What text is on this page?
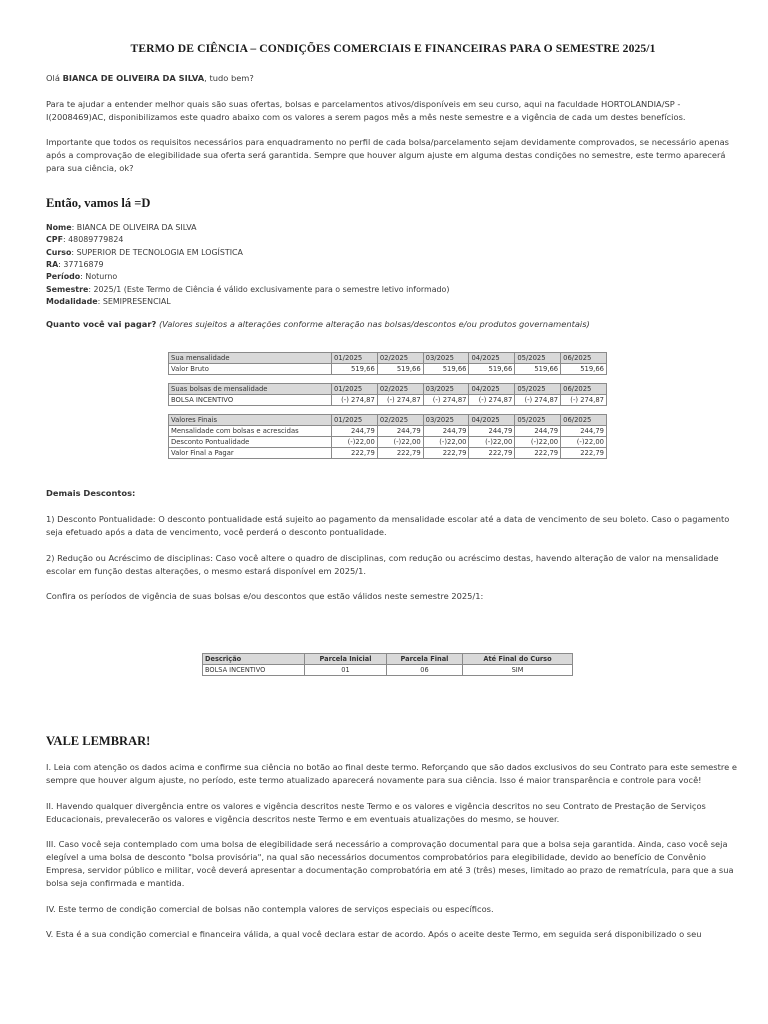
TERMO DE CIÊNCIA – CONDIÇÕES COMERCIAIS E FINANCEIRAS PARA O SEMESTRE 2025/1

Olá BIANCA DE OLIVEIRA DA SILVA, tudo bem?

Para te ajudar a entender melhor quais são suas ofertas, bolsas e parcelamentos ativos/disponíveis em seu curso, aqui na faculdade HORTOLANDIA/SP - I(2008469)AC, disponibilizamos este quadro abaixo com os valores a serem pagos mês a mês neste semestre e a vigência de cada um destes benefícios.

Importante que todos os requisitos necessários para enquadramento no perfil de cada bolsa/parcelamento sejam devidamente comprovados, se necessário apenas após a comprovação de elegibilidade sua oferta será garantida. Sempre que houver algum ajuste em alguma destas condições no semestre, este termo aparecerá para sua ciência, ok?

Então, vamos lá =D

Nome: BIANCA DE OLIVEIRA DA SILVA

CPF: 48089779824

Curso: SUPERIOR DE TECNOLOGIA EM LOGÍSTICA

RA: 37716879

Período: Noturno

Semestre: 2025/1 (Este Termo de Ciência é válido exclusivamente para o semestre letivo informado)

Modalidade: SEMIPRESENCIAL

Quanto você vai pagar? (Valores sujeitos a alterações conforme alteração nas bolsas/descontos e/ou produtos governamentais)

Sua mensalidade	01/2025	02/2025	03/2025	04/2025	05/2025	06/2025
Valor Bruto	519,66	519,66	519,66	519,66	519,66	519,66

Suas bolsas de mensalidade	01/2025	02/2025	03/2025	04/2025	05/2025	06/2025
BOLSA INCENTIVO	(-) 274,87	(-) 274,87	(-) 274,87	(-) 274,87	(-) 274,87	(-) 274,87

Valores Finais	01/2025	02/2025	03/2025	04/2025	05/2025	06/2025
Mensalidade com bolsas e acrescidas	244,79	244,79	244,79	244,79	244,79	244,79
Desconto Pontualidade	(-)22,00	(-)22,00	(-)22,00	(-)22,00	(-)22,00	(-)22,00
Valor Final a Pagar	222,79	222,79	222,79	222,79	222,79	222,79

Demais Descontos:

1) Desconto Pontualidade: O desconto pontualidade está sujeito ao pagamento da mensalidade escolar até a data de vencimento de seu boleto. Caso o pagamento seja efetuado após a data de vencimento, você perderá o desconto pontualidade.

2) Redução ou Acréscimo de disciplinas: Caso você altere o quadro de disciplinas, com redução ou acréscimo destas, havendo alteração de valor na mensalidade escolar em função destas alterações, o mesmo estará disponível em 2025/1.

Confira os períodos de vigência de suas bolsas e/ou descontos que estão válidos neste semestre 2025/1:

Descrição	Parcela Inicial	Parcela Final	Até Final do Curso
BOLSA INCENTIVO	01	06	SIM
VALE LEMBRAR!

I. Leia com atenção os dados acima e confirme sua ciência no botão ao final deste termo. Reforçando que são dados exclusivos do seu Contrato para este semestre e sempre que houver algum ajuste, no período, este termo atualizado aparecerá novamente para sua ciência. Isso é maior transparência e controle para você!

II. Havendo qualquer divergência entre os valores e vigência descritos neste Termo e os valores e vigência descritos no seu Contrato de Prestação de Serviços Educacionais, prevalecerão os valores e vigência descritos neste Termo e em eventuais atualizações do mesmo, se houver.

III. Caso você seja contemplado com uma bolsa de elegibilidade será necessário a comprovação documental para que a bolsa seja garantida. Ainda, caso você seja elegível a uma bolsa de desconto "bolsa provisória", na qual são necessários documentos comprobatórios para elegibilidade, devido ao benefício de Convênio Empresa, servidor público e militar, você deverá apresentar a documentação comprobatória em até 3 (três) meses, limitado ao prazo de rematrícula, para que a sua bolsa seja confirmada e mantida.

IV. Este termo de condição comercial de bolsas não contempla valores de serviços especiais ou específicos.

V. Esta é a sua condição comercial e financeira válida, a qual você declara estar de acordo. Após o aceite deste Termo, em seguida será disponibilizado o seu
